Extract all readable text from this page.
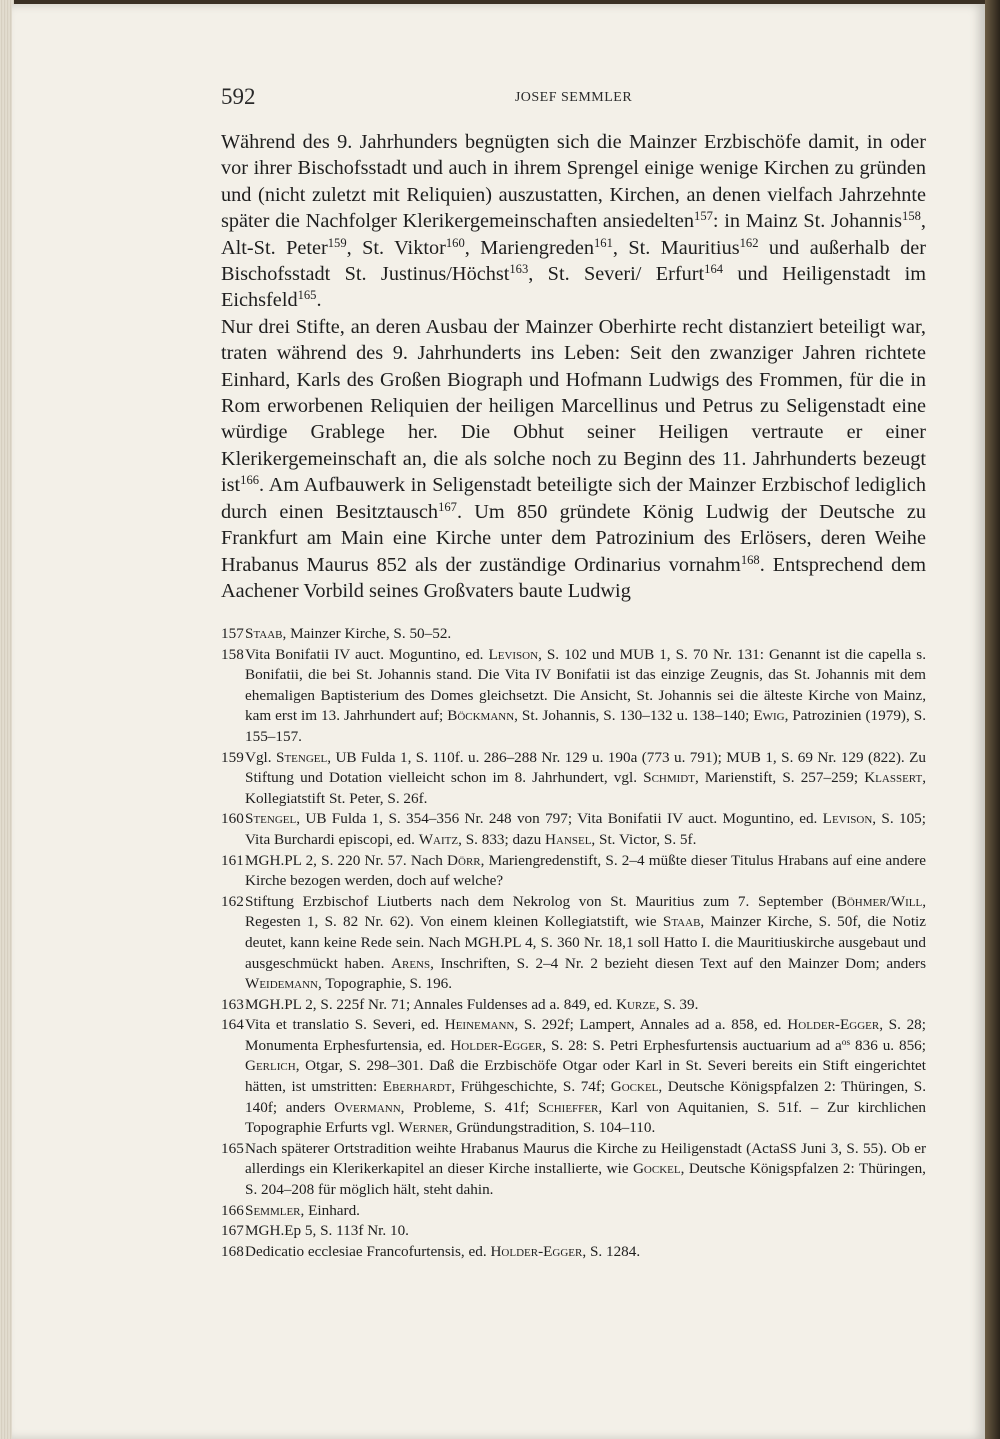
592	JOSEF SEMMLER

Während des 9. Jahrhunders begnügten sich die Mainzer Erzbischöfe damit, in oder vor ihrer Bischofsstadt und auch in ihrem Sprengel einige wenige Kirchen zu gründen und (nicht zuletzt mit Reliquien) auszustatten, Kirchen, an denen vielfach Jahrzehnte später die Nachfolger Klerikergemeinschaften ansiedelten$^{157}$: in Mainz St. Johannis$^{158}$, Alt-St. Peter$^{159}$, St. Viktor$^{160}$, Mariengreden$^{161}$, St. Mauritius$^{162}$ und außerhalb der Bischofsstadt St. Justinus/Höchst$^{163}$, St. Severi/ Erfurt$^{164}$ und Heiligenstadt im Eichsfeld$^{165}$.

Nur drei Stifte, an deren Ausbau der Mainzer Oberhirte recht distanziert beteiligt war, traten während des 9. Jahrhunderts ins Leben: Seit den zwanziger Jahren richtete Einhard, Karls des Großen Biograph und Hofmann Ludwigs des Frommen, für die in Rom erworbenen Reliquien der heiligen Marcellinus und Petrus zu Seligenstadt eine würdige Grablege her. Die Obhut seiner Heiligen vertraute er einer Klerikergemeinschaft an, die als solche noch zu Beginn des 11. Jahrhunderts bezeugt ist$^{166}$. Am Aufbauwerk in Seligenstadt beteiligte sich der Mainzer Erzbischof lediglich durch einen Besitztausch$^{167}$. Um 850 gründete König Ludwig der Deutsche zu Frankfurt am Main eine Kirche unter dem Patrozinium des Erlösers, deren Weihe Hrabanus Maurus 852 als der zuständige Ordinarius vornahm$^{168}$. Entsprechend dem Aachener Vorbild seines Großvaters baute Ludwig

157 Staab, Mainzer Kirche, S. 50–52.
158 Vita Bonifatii IV auct. Moguntino, ed. Levison, S. 102 und MUB 1, S. 70 Nr. 131: Genannt ist die capella s. Bonifatii, die bei St. Johannis stand. Die Vita IV Bonifatii ist das einzige Zeugnis, das St. Johannis mit dem ehemaligen Baptisterium des Domes gleichsetzt. Die Ansicht, St. Johannis sei die älteste Kirche von Mainz, kam erst im 13. Jahrhundert auf; Böckmann, St. Johannis, S. 130–132 u. 138–140; Ewig, Patrozinien (1979), S. 155–157.
159 Vgl. Stengel, UB Fulda 1, S. 110f. u. 286–288 Nr. 129 u. 190a (773 u. 791); MUB 1, S. 69 Nr. 129 (822). Zu Stiftung und Dotation vielleicht schon im 8. Jahrhundert, vgl. Schmidt, Marienstift, S. 257–259; Klassert, Kollegiatstift St. Peter, S. 26f.
160 Stengel, UB Fulda 1, S. 354–356 Nr. 248 von 797; Vita Bonifatii IV auct. Moguntino, ed. Levison, S. 105; Vita Burchardi episcopi, ed. Waitz, S. 833; dazu Hansel, St. Victor, S. 5f.
161 MGH.PL 2, S. 220 Nr. 57. Nach Dörr, Mariengredenstift, S. 2–4 müßte dieser Titulus Hrabans auf eine andere Kirche bezogen werden, doch auf welche?
162 Stiftung Erzbischof Liutberts nach dem Nekrolog von St. Mauritius zum 7. September (Böhmer/Will, Regesten 1, S. 82 Nr. 62). Von einem kleinen Kollegiatstift, wie Staab, Mainzer Kirche, S. 50f, die Notiz deutet, kann keine Rede sein. Nach MGH.PL 4, S. 360 Nr. 18,1 soll Hatto I. die Mauritiuskirche ausgebaut und ausgeschmückt haben. Arens, Inschriften, S. 2–4 Nr. 2 bezieht diesen Text auf den Mainzer Dom; anders Weidemann, Topographie, S. 196.
163 MGH.PL 2, S. 225f Nr. 71; Annales Fuldenses ad a. 849, ed. Kurze, S. 39.
164 Vita et translatio S. Severi, ed. Heinemann, S. 292f; Lampert, Annales ad a. 858, ed. Holder-Egger, S. 28; Monumenta Erphesfurtensia, ed. Holder-Egger, S. 28: S. Petri Erphesfurtensis auctuarium ad $a^{os}$ 836 u. 856; Gerlich, Otgar, S. 298–301. Daß die Erzbischöfe Otgar oder Karl in St. Severi bereits ein Stift eingerichtet hätten, ist umstritten: Eberhardt, Frühgeschichte, S. 74f; Gockel, Deutsche Königspfalzen 2: Thüringen, S. 140f; anders Overmann, Probleme, S. 41f; Schieffer, Karl von Aquitanien, S. 51f. – Zur kirchlichen Topographie Erfurts vgl. Werner, Gründungstradition, S. 104–110.
165 Nach späterer Ortstradition weihte Hrabanus Maurus die Kirche zu Heiligenstadt (ActaSS Juni 3, S. 55). Ob er allerdings ein Klerikerkapitel an dieser Kirche installierte, wie Gockel, Deutsche Königspfalzen 2: Thüringen, S. 204–208 für möglich hält, steht dahin.
166 Semmler, Einhard.
167 MGH.Ep 5, S. 113f Nr. 10.
168 Dedicatio ecclesiae Francofurtensis, ed. Holder-Egger, S. 1284.
